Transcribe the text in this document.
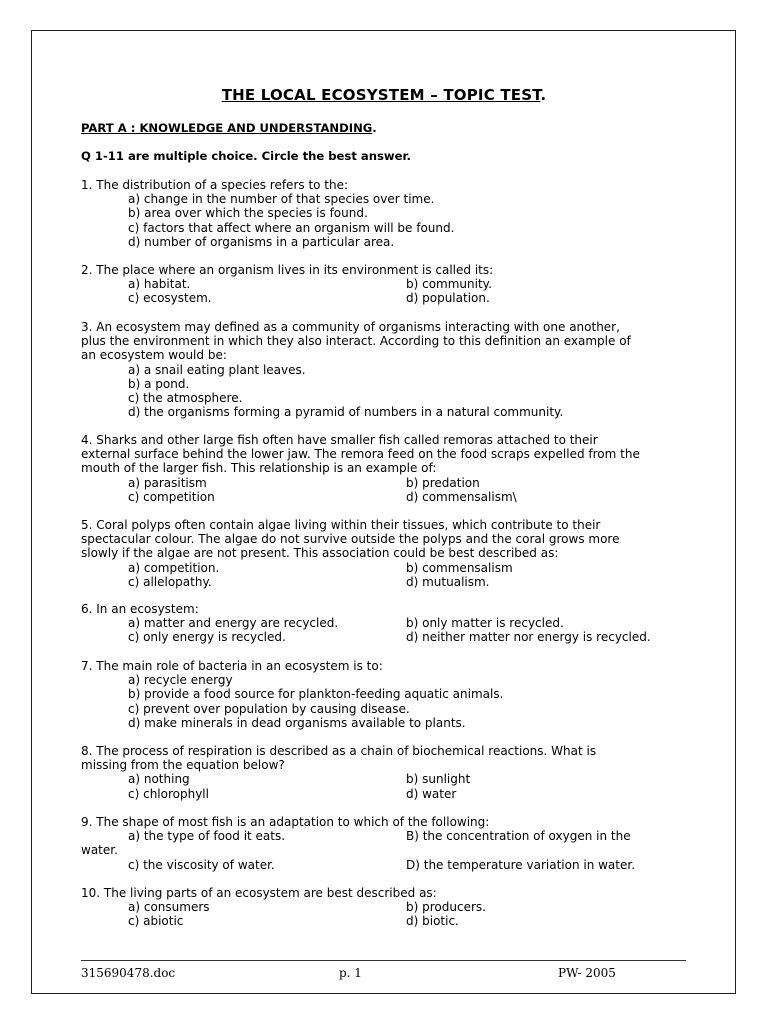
THE LOCAL ECOSYSTEM – TOPIC TEST.
PART A : KNOWLEDGE AND UNDERSTANDING.
Q 1-11 are multiple choice. Circle the best answer.
1. The distribution of a species refers to the:
a) change in the number of that species over time.
b) area over which the species is found.
c) factors that affect where an organism will be found.
d) number of organisms in a particular area.
2. The place where an organism lives in its environment is called its:
a) habitat.	b) community.
c) ecosystem.	d) population.
3. An ecosystem may defined as a community of organisms interacting with one another,
plus the environment in which they also interact. According to this definition an example of
an ecosystem would be:
a) a snail eating plant leaves.
b) a pond.
c) the atmosphere.
d) the organisms forming a pyramid of numbers in a natural community.
4. Sharks and other large fish often have smaller fish called remoras attached to their
external surface behind the lower jaw. The remora feed on the food scraps expelled from the
mouth of the larger fish. This relationship is an example of:
a) parasitism	b) predation
c) competition	d) commensalism\
5. Coral polyps often contain algae living within their tissues, which contribute to their
spectacular colour. The algae do not survive outside the polyps and the coral grows more
slowly if the algae are not present. This association could be best described as:
a) competition.	b) commensalism
c) allelopathy.	d) mutualism.
6. In an ecosystem:
a) matter and energy are recycled.	b) only matter is recycled.
c) only energy is recycled.	d) neither matter nor energy is recycled.
7. The main role of bacteria in an ecosystem is to:
a) recycle energy
b) provide a food source for plankton-feeding aquatic animals.
c) prevent over population by causing disease.
d) make minerals in dead organisms available to plants.
8. The process of respiration is described as a chain of biochemical reactions. What is
missing from the equation below?
a) nothing	b) sunlight
c) chlorophyll	d) water
9. The shape of most fish is an adaptation to which of the following:
a) the type of food it eats.	B) the concentration of oxygen in the
water.
c) the viscosity of water.	D) the temperature variation in water.
10. The living parts of an ecosystem are best described as:
a) consumers	b) producers.
c) abiotic	d) biotic.
315690478.doc	p. 1	PW- 2005
